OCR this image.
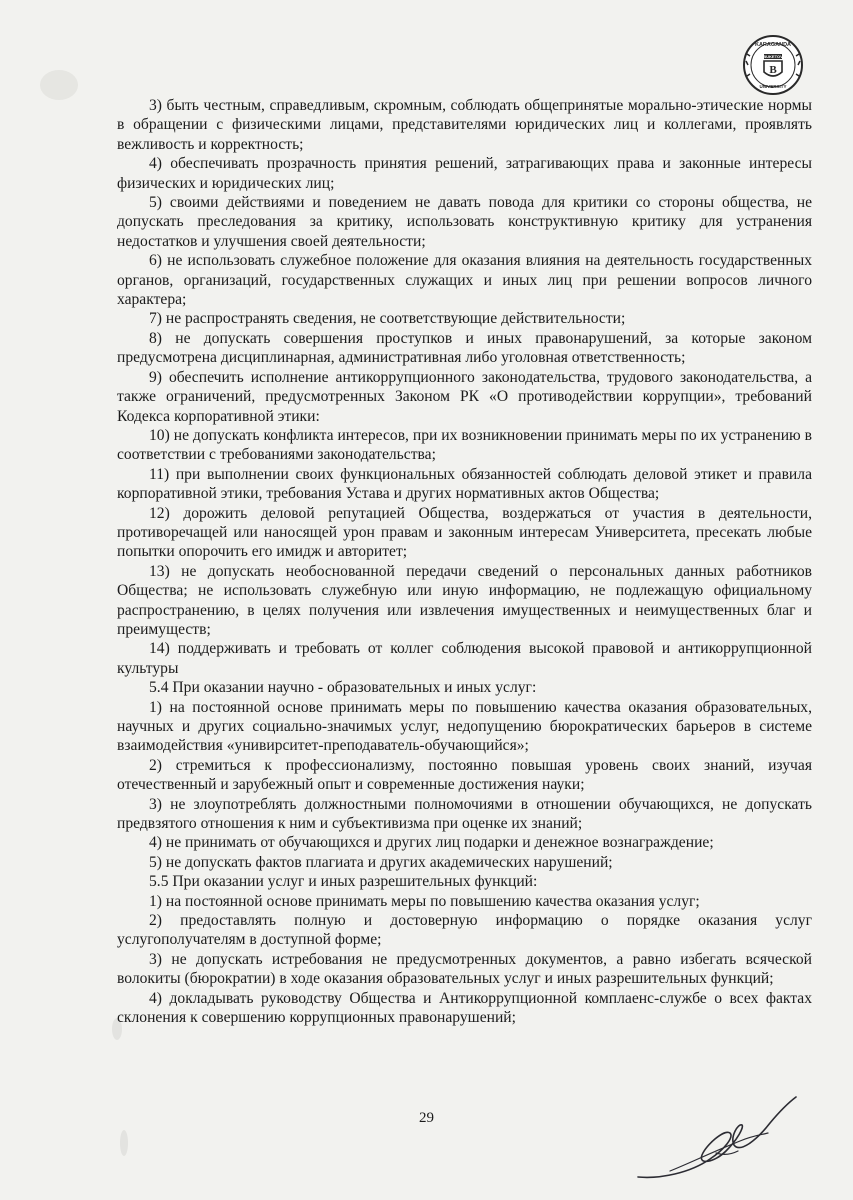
KARAGANDA
BUKETOV
B
UNIVERSITY

3) быть честным, справедливым, скромным, соблюдать общепринятые морально-этические нормы в обращении с физическими лицами, представителями юридических лиц и коллегами, проявлять вежливость и корректность;

4) обеспечивать прозрачность принятия решений, затрагивающих права и законные интересы физических и юридических лиц;

5) своими действиями и поведением не давать повода для критики со стороны общества, не допускать преследования за критику, использовать конструктивную критику для устранения недостатков и улучшения своей деятельности;

6) не использовать служебное положение для оказания влияния на деятельность государственных органов, организаций, государственных служащих и иных лиц при решении вопросов личного характера;

7) не распространять сведения, не соответствующие действительности;

8) не допускать совершения проступков и иных правонарушений, за которые законом предусмотрена дисциплинарная, административная либо уголовная ответственность;

9) обеспечить исполнение антикоррупционного законодательства, трудового законодательства, а также ограничений, предусмотренных Законом РК «О противодействии коррупции», требований Кодекса корпоративной этики:

10) не допускать конфликта интересов, при их возникновении принимать меры по их устранению в соответствии с требованиями законодательства;

11) при выполнении своих функциональных обязанностей соблюдать деловой этикет и правила корпоративной этики, требования Устава и других нормативных актов Общества;

12) дорожить деловой репутацией Общества, воздержаться от участия в деятельности, противоречащей или наносящей урон правам и законным интересам Университета, пресекать любые попытки опорочить его имидж и авторитет;

13) не допускать необоснованной передачи сведений о персональных данных работников Общества; не использовать служебную или иную информацию, не подлежащую официальному распространению, в целях получения или извлечения имущественных и неимущественных благ и преимуществ;

14) поддерживать и требовать от коллег соблюдения высокой правовой и антикоррупционной культуры

5.4 При оказании научно - образовательных и иных услуг:

1) на постоянной основе принимать меры по повышению качества оказания образовательных, научных и других социально-значимых услуг, недопущению бюрократических барьеров в системе взаимодействия «унивирситет-преподаватель-обучающийся»;

2) стремиться к профессионализму, постоянно повышая уровень своих знаний, изучая отечественный и зарубежный опыт и современные достижения науки;

3) не злоупотреблять должностными полномочиями в отношении обучающихся, не допускать предвзятого отношения к ним и субъективизма при оценке их знаний;

4) не принимать от обучающихся и других лиц подарки и денежное вознаграждение;

5) не допускать фактов плагиата и других академических нарушений;

5.5 При оказании услуг и иных разрешительных функций:

1) на постоянной основе принимать меры по повышению качества оказания услуг;

2) предоставлять полную и достоверную информацию о порядке оказания услуг услугополучателям в доступной форме;

3) не допускать истребования не предусмотренных документов, а равно избегать всяческой волокиты (бюрократии) в ходе оказания образовательных услуг и иных разрешительных функций;

4) докладывать руководству Общества и Антикоррупционной комплаенс-службе о всех фактах склонения к совершению коррупционных правонарушений;

29
